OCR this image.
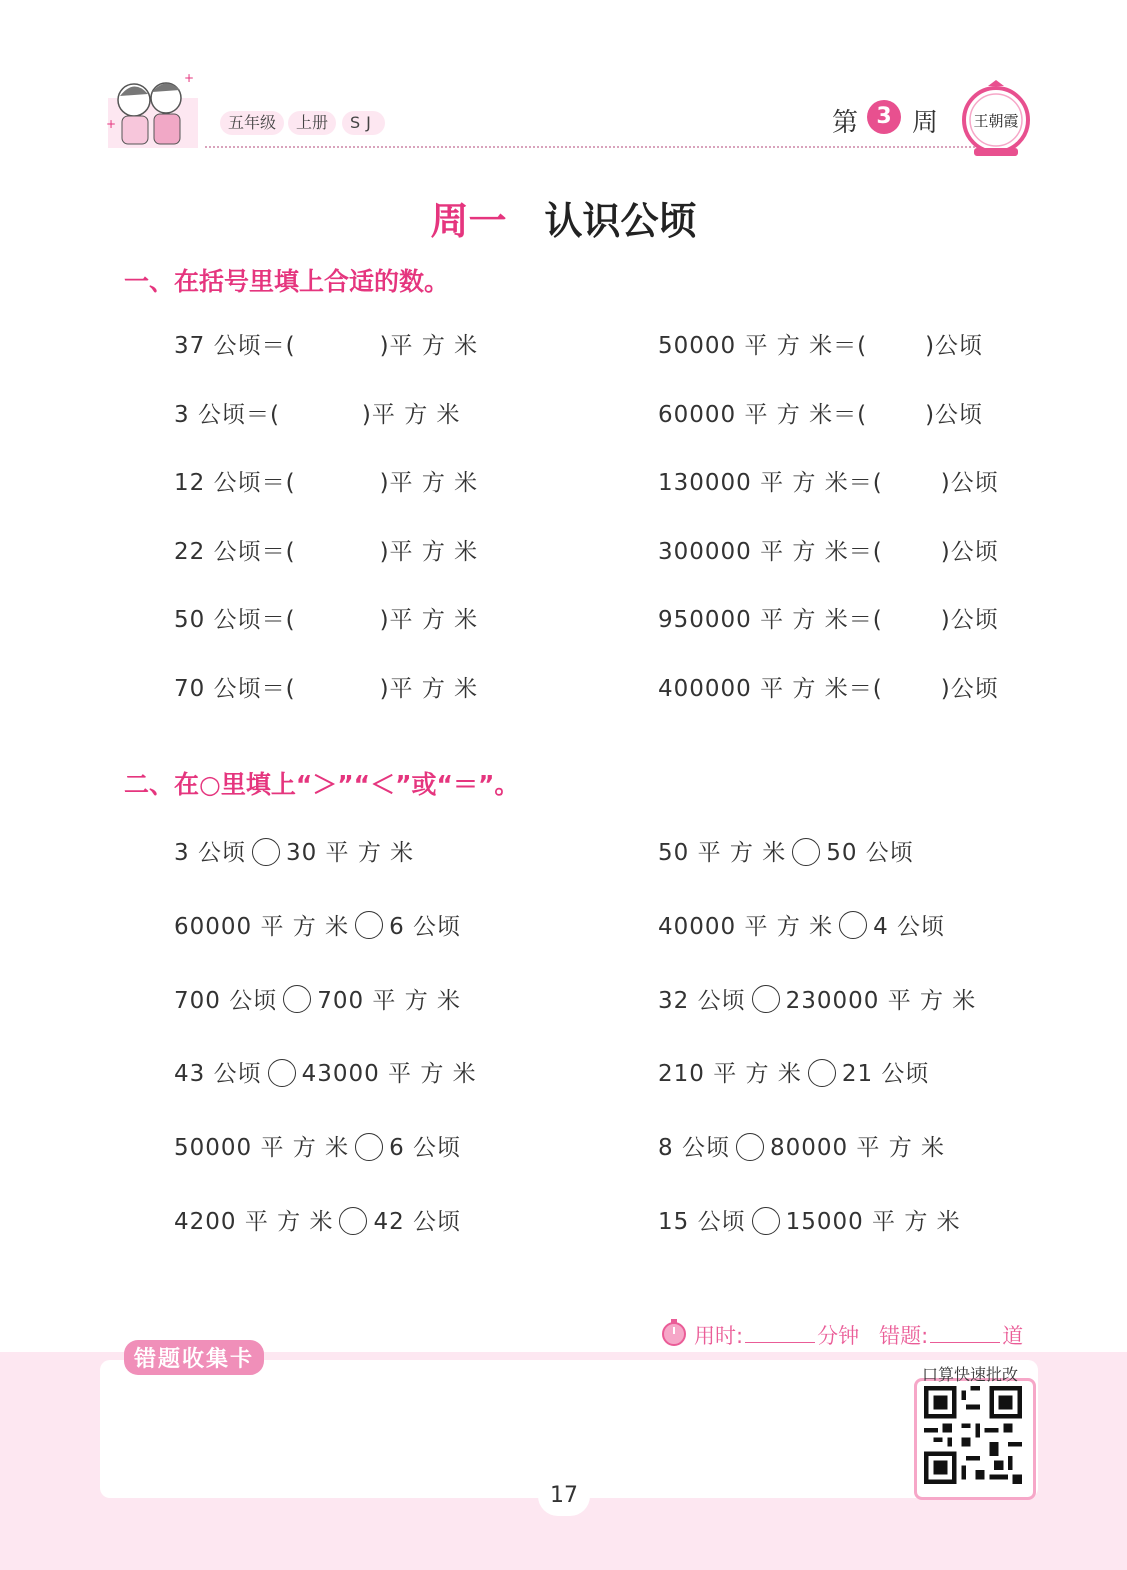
+
+	五年级	上册	SJ	第 3 周 王朝霞
周一 认识公顷
一、在括号里填上合适的数。
37 公顷＝(	)平 方 米
3 公顷＝(	)平 方 米
12 公顷＝(	)平 方 米
22 公顷＝(	)平 方 米
50 公顷＝(	)平 方 米
70 公顷＝(	)平 方 米
50000 平 方 米＝(	)公顷
60000 平 方 米＝(	)公顷
130000 平 方 米＝(	)公顷
300000 平 方 米＝(	)公顷
950000 平 方 米＝(	)公顷
400000 平 方 米＝(	)公顷
二、在○里填上“＞”“＜”或“＝”。
3 公顷 30 平 方 米
60000 平 方 米 6 公顷
700 公顷 700 平 方 米
43 公顷 43000 平 方 米
50000 平 方 米 6 公顷
4200 平 方 米 42 公顷
50 平 方 米 50 公顷
40000 平 方 米 4 公顷
32 公顷 230000 平 方 米
210 平 方 米 21 公顷
8 公顷 80000 平 方 米
15 公顷 15000 平 方 米
用时:	分钟 错题:	道
错题收集卡
口算快速批改
17
